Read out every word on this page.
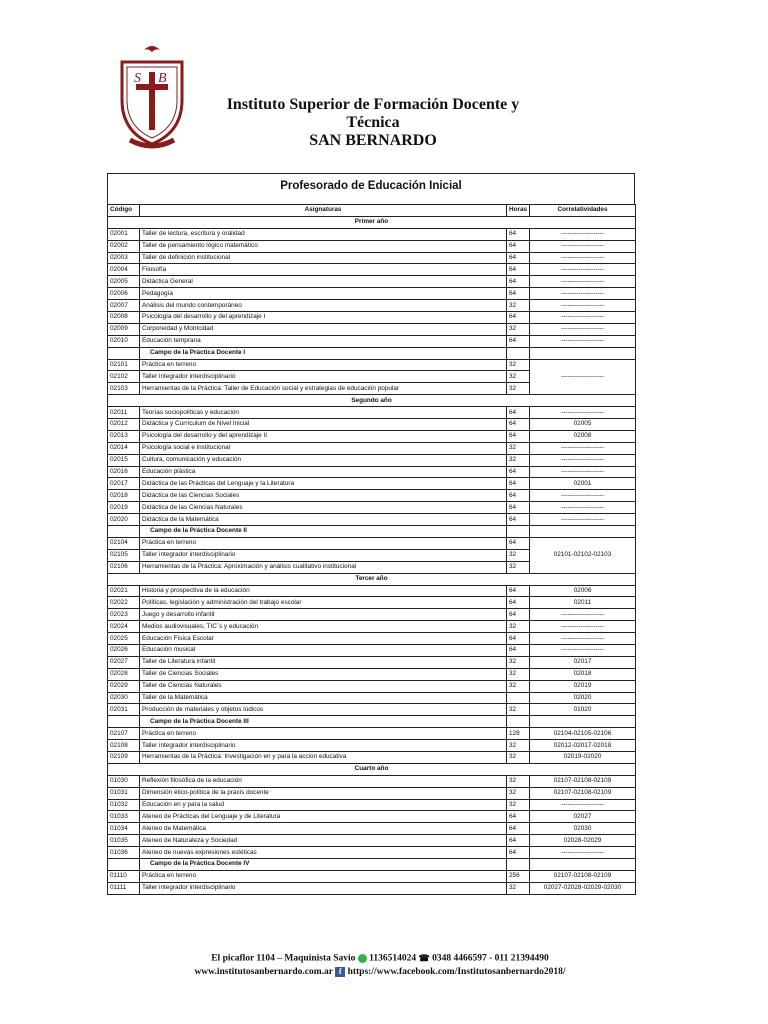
S B
Instituto Superior de Formación Docente y Técnica
SAN BERNARDO
Profesorado de Educación Inicial
Código	Asignaturas	Horas	Correlatividades
Primer año			
02001	Taller de lectura, escritura y oralidad	64	--------------------
02002	Taller de pensamiento lógico matemático	64	--------------------
02003	Taller de definición institucional	64	--------------------
02004	Filosofía	64	--------------------
02005	Didáctica General	64	--------------------
02006	Pedagogía	64	--------------------
02007	Análisis del mundo contemporáneo	32	--------------------
02008	Psicología del desarrollo y del aprendizaje I	64	--------------------
02009	Corporeidad y Motricidad	32	--------------------
02010	Educación temprana	64	--------------------
	Campo de la Práctica Docente I		
02101	Práctica en terreno	32	--------------------
02102	Taller integrador interdisciplinario	32	
02103	Herramientas de la Práctica: Taller de Educación social y estrategias de educación popular	32	
Segundo año			
02011	Teorías sociopolíticas y educación	64	--------------------
02012	Didáctica y Currículum de Nivel Inicial	64	02005
02013	Psicología del desarrollo y del aprendizaje II	64	02008
02014	Psicología social e institucional	32	--------------------
02015	Cultura, comunicación y educación	32	--------------------
02016	Educación plástica	64	--------------------
02017	Didáctica de las Prácticas del Lenguaje y la Literatura	64	02001
02018	Didáctica de las Ciencias Sociales	64	--------------------
02019	Didáctica de las Ciencias Naturales	64	--------------------
02020	Didáctica de la Matemática	64	--------------------
	Campo de la Práctica Docente II		
02104	Práctica en terreno	64	02101-02102-02103
02105	Taller integrador interdisciplinario	32	
02106	Herramientas de la Práctica: Aproximación y análisis cualitativo institucional	32	
Tercer año			
02021	Historia y prospectiva de la educación	64	02006
02022	Políticas, legislación y administración del trabajo escolar	64	02011
02023	Juego y desarrollo infantil	64	--------------------
02024	Medios audiovisuales, TIC´s y educación	32	--------------------
02025	Educación Física Escolar	64	--------------------
02026	Educación musical	64	--------------------
02027	Taller de Literatura infantil	32	02017
02028	Taller de Ciencias Sociales	32	02018
02029	Taller de Ciencias Naturales	32	02019
02030	Taller de la Matemática		02020
02031	Producción de materiales y objetos lúdicos	32	01020
	Campo de la Práctica Docente III		
02107	Práctica en terreno	128	02104-02105-02106
02108	Taller integrador interdisciplinario	32	02012-02017-02018
02109	Herramientas de la Práctica: Investigación en y para la acción educativa	32	02019-02020
Cuarto año			
01030	Reflexión filosófica de la educación	32	02107-02108-02109
01031	Dimensión ético-política de la praxis docente	32	02107-02108-02109
01032	Educación en y para la salud	32	--------------------
01033	Ateneo de Prácticas del Lenguaje y de Literatura	64	02027
01034	Ateneo de Matemática	64	02030
01035	Ateneo de Naturaleza y Sociedad	64	02028-02029
01036	Ateneo de nuevas expresiones estéticas	64	--------------------
	Campo de la Práctica Docente IV		
01110	Práctica en terreno	256	02107-02108-02109
01111	Taller integrador interdisciplinario	32	02027-02028-02029-02030
El picaflor 1104 – Maquinista Savio 1136514024 ☎ 0348 4466597 - 011 21394490
www.institutosanbernardo.com.ar f https://www.facebook.com/Institutosanbernardo2018/
